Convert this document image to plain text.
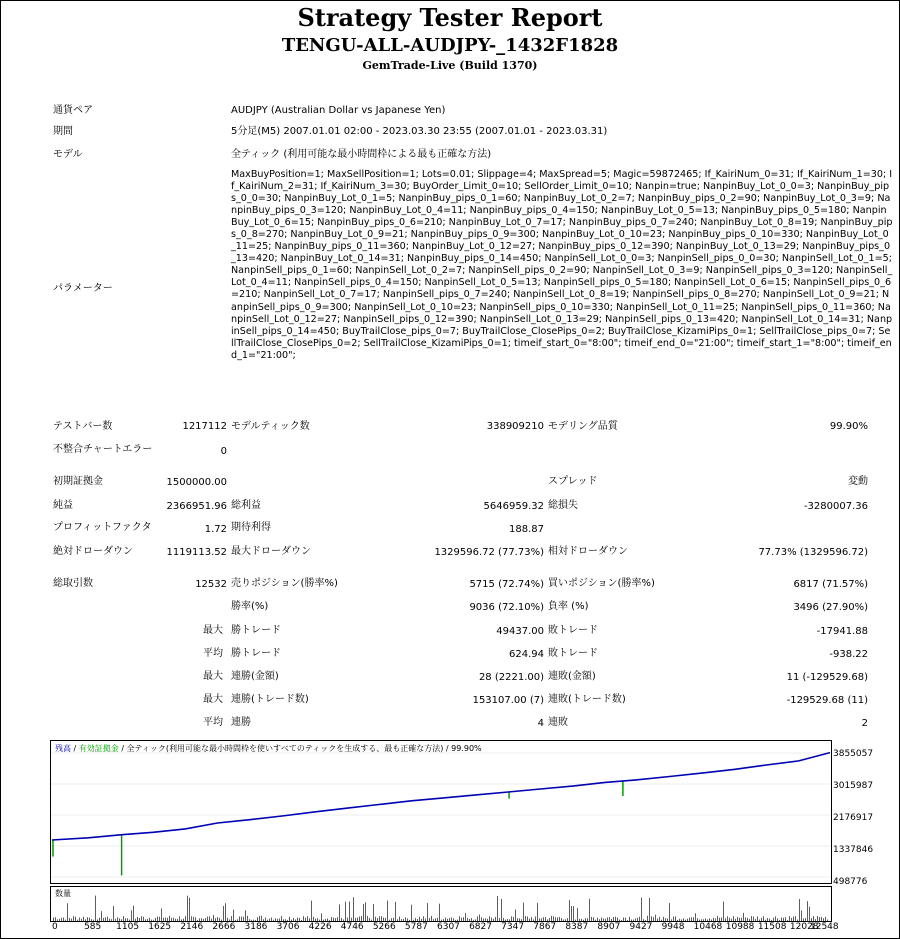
Strategy Tester Report
TENGU-ALL-AUDJPY-_1432F1828
GemTrade-Live (Build 1370)
通貨ペア	AUDJPY (Australian Dollar vs Japanese Yen)
期間	5分足(M5) 2007.01.01 02:00 - 2023.03.30 23:55 (2007.01.01 - 2023.03.31)
モデル	全ティック (利用可能な最小時間枠による最も正確な方法)
パラメーター
MaxBuyPosition=1; MaxSellPosition=1; Lots=0.01; Slippage=4; MaxSpread=5; Magic=59872465; If_KairiNum_0=31; If_KairiNum_1=30; If_KairiNum_2=31; If_KairiNum_3=30; BuyOrder_Limit_0=10; SellOrder_Limit_0=10; Nanpin=true; NanpinBuy_Lot_0_0=3; NanpinBuy_pips_0_0=30; NanpinBuy_Lot_0_1=5; NanpinBuy_pips_0_1=60; NanpinBuy_Lot_0_2=7; NanpinBuy_pips_0_2=90; NanpinBuy_Lot_0_3=9; NanpinBuy_pips_0_3=120; NanpinBuy_Lot_0_4=11; NanpinBuy_pips_0_4=150; NanpinBuy_Lot_0_5=13; NanpinBuy_pips_0_5=180; NanpinBuy_Lot_0_6=15; NanpinBuy_pips_0_6=210; NanpinBuy_Lot_0_7=17; NanpinBuy_pips_0_7=240; NanpinBuy_Lot_0_8=19; NanpinBuy_pips_0_8=270; NanpinBuy_Lot_0_9=21; NanpinBuy_pips_0_9=300; NanpinBuy_Lot_0_10=23; NanpinBuy_pips_0_10=330; NanpinBuy_Lot_0_11=25; NanpinBuy_pips_0_11=360; NanpinBuy_Lot_0_12=27; NanpinBuy_pips_0_12=390; NanpinBuy_Lot_0_13=29; NanpinBuy_pips_0_13=420; NanpinBuy_Lot_0_14=31; NanpinBuy_pips_0_14=450; NanpinSell_Lot_0_0=3; NanpinSell_pips_0_0=30; NanpinSell_Lot_0_1=5; NanpinSell_pips_0_1=60; NanpinSell_Lot_0_2=7; NanpinSell_pips_0_2=90; NanpinSell_Lot_0_3=9; NanpinSell_pips_0_3=120; NanpinSell_Lot_0_4=11; NanpinSell_pips_0_4=150; NanpinSell_Lot_0_5=13; NanpinSell_pips_0_5=180; NanpinSell_Lot_0_6=15; NanpinSell_pips_0_6=210; NanpinSell_Lot_0_7=17; NanpinSell_pips_0_7=240; NanpinSell_Lot_0_8=19; NanpinSell_pips_0_8=270; NanpinSell_Lot_0_9=21; NanpinSell_pips_0_9=300; NanpinSell_Lot_0_10=23; NanpinSell_pips_0_10=330; NanpinSell_Lot_0_11=25; NanpinSell_pips_0_11=360; NanpinSell_Lot_0_12=27; NanpinSell_pips_0_12=390; NanpinSell_Lot_0_13=29; NanpinSell_pips_0_13=420; NanpinSell_Lot_0_14=31; NanpinSell_pips_0_14=450; BuyTrailClose_pips_0=7; BuyTrailClose_ClosePips_0=2; BuyTrailClose_KizamiPips_0=1; SellTrailClose_pips_0=7; SellTrailClose_ClosePips_0=2; SellTrailClose_KizamiPips_0=1; timeif_start_0="8:00"; timeif_end_0="21:00"; timeif_start_1="8:00"; timeif_end_1="21:00";
テストバー数	1217112 モデルティック数	338909210 モデリング品質	99.90%
不整合チャートエラー	0
初期証拠金	1500000.00	スプレッド	変動
純益	2366951.96 総利益	5646959.32 総損失	-3280007.36
プロフィットファクタ	1.72 期待利得	188.87
絶対ドローダウン	1119113.52 最大ドローダウン	1329596.72 (77.73%) 相対ドローダウン	77.73% (1329596.72)
総取引数	12532 売りポジション(勝率%)	5715 (72.74%) 買いポジション(勝率%)	6817 (71.57%)
勝率(%)	9036 (72.10%) 負率 (%)	3496 (27.90%)
最大 勝トレード	49437.00 敗トレード	-17941.88
平均 勝トレード	624.94 敗トレード	-938.22
最大 連勝(金額)	28 (2221.00) 連敗(金額)	11 (-129529.68)
最大 連勝(トレード数)	153107.00 (7) 連敗(トレード数)	-129529.68 (11)
平均 連勝	4 連敗	2
残高 / 有効証拠金 / 全ティック(利用可能な最小時間枠を使いすべてのティックを生成する、最も正確な方法) / 99.90%
3855057
3015987
2176917
1337846
498776
数量
0	585 1105 1625 2146 2666 3186 3706 4226 4746 5266 5787 6307 6827 7347 7867 8387 8907 9427 9948 10468 10988 11508 12028
12548
